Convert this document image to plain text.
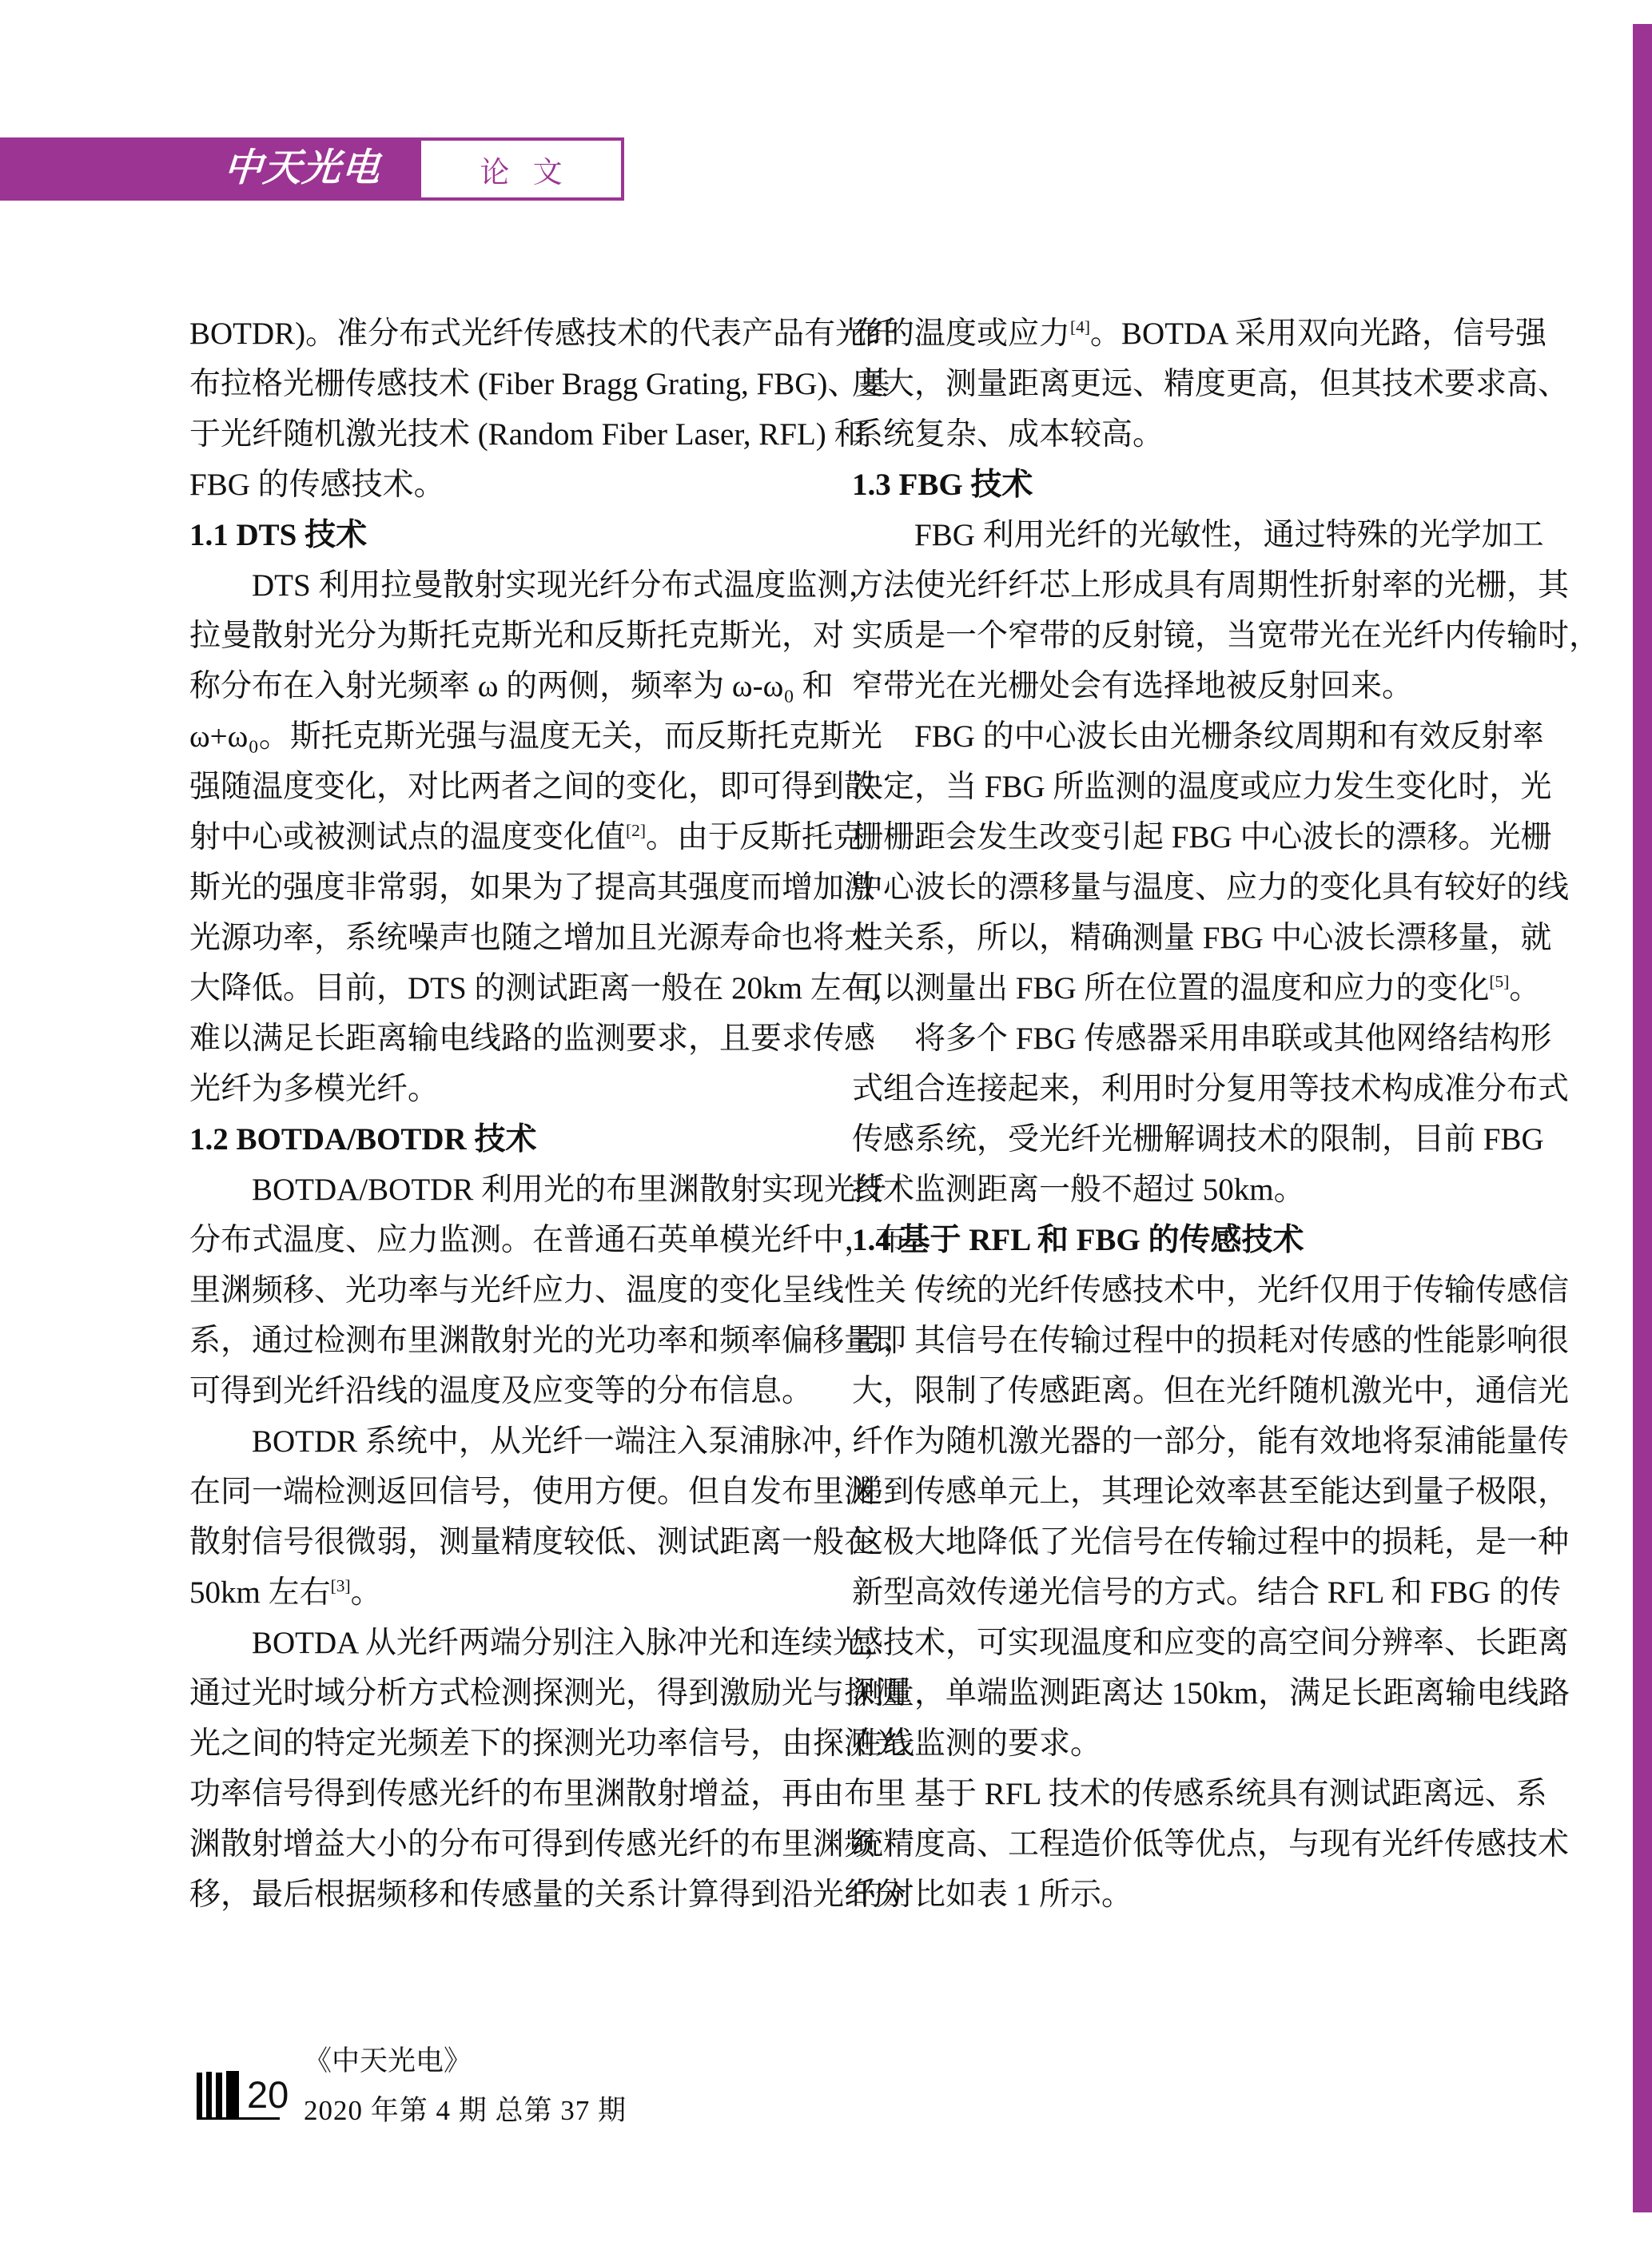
中天光电	论 文
BOTDR)。准分布式光纤传感技术的代表产品有光纤
布拉格光栅传感技术 (Fiber Bragg Grating, FBG)、基
于光纤随机激光技术 (Random Fiber Laser, RFL) 和
FBG 的传感技术。
1.1 DTS 技术
DTS 利用拉曼散射实现光纤分布式温度监测，
拉曼散射光分为斯托克斯光和反斯托克斯光，对
称分布在入射光频率 ω 的两侧，频率为 ω-ω₀ 和
ω+ω₀。斯托克斯光强与温度无关，而反斯托克斯光
强随温度变化，对比两者之间的变化，即可得到散
射中心或被测试点的温度变化值[2]。由于反斯托克
斯光的强度非常弱，如果为了提高其强度而增加激
光源功率，系统噪声也随之增加且光源寿命也将大
大降低。目前，DTS 的测试距离一般在 20km 左右，
难以满足长距离输电线路的监测要求，且要求传感
光纤为多模光纤。
1.2 BOTDA/BOTDR 技术
BOTDA/BOTDR 利用光的布里渊散射实现光纤
分布式温度、应力监测。在普通石英单模光纤中，布
里渊频移、光功率与光纤应力、温度的变化呈线性关
系，通过检测布里渊散射光的光功率和频率偏移量即
可得到光纤沿线的温度及应变等的分布信息。
BOTDR 系统中，从光纤一端注入泵浦脉冲，
在同一端检测返回信号，使用方便。但自发布里渊
散射信号很微弱，测量精度较低、测试距离一般在
50km 左右[3]。
BOTDA 从光纤两端分别注入脉冲光和连续光，
通过光时域分析方式检测探测光，得到激励光与探测
光之间的特定光频差下的探测光功率信号，由探测光
功率信号得到传感光纤的布里渊散射增益，再由布里
渊散射增益大小的分布可得到传感光纤的布里渊频
移，最后根据频移和传感量的关系计算得到沿光纤分
布的温度或应力[4]。BOTDA 采用双向光路，信号强
度大，测量距离更远、精度更高，但其技术要求高、
系统复杂、成本较高。
1.3 FBG 技术
FBG 利用光纤的光敏性，通过特殊的光学加工
方法使光纤纤芯上形成具有周期性折射率的光栅，其
实质是一个窄带的反射镜，当宽带光在光纤内传输时，
窄带光在光栅处会有选择地被反射回来。
FBG 的中心波长由光栅条纹周期和有效反射率
决定，当 FBG 所监测的温度或应力发生变化时，光
栅栅距会发生改变引起 FBG 中心波长的漂移。光栅
中心波长的漂移量与温度、应力的变化具有较好的线
性关系，所以，精确测量 FBG 中心波长漂移量，就
可以测量出 FBG 所在位置的温度和应力的变化[5]。
将多个 FBG 传感器采用串联或其他网络结构形
式组合连接起来，利用时分复用等技术构成准分布式
传感系统，受光纤光栅解调技术的限制，目前 FBG
技术监测距离一般不超过 50km。
1.4 基于 RFL 和 FBG 的传感技术
传统的光纤传感技术中，光纤仅用于传输传感信
号，其信号在传输过程中的损耗对传感的性能影响很
大，限制了传感距离。但在光纤随机激光中，通信光
纤作为随机激光器的一部分，能有效地将泵浦能量传
递到传感单元上，其理论效率甚至能达到量子极限，
这极大地降低了光信号在传输过程中的损耗，是一种
新型高效传递光信号的方式。结合 RFL 和 FBG 的传
感技术，可实现温度和应变的高空间分辨率、长距离
测量，单端监测距离达 150km，满足长距离输电线路
在线监测的要求。
基于 RFL 技术的传感系统具有测试距离远、系
统精度高、工程造价低等优点，与现有光纤传感技术
的对比如表 1 所示。
20
《中天光电》
2020 年第 4 期 总第 37 期
